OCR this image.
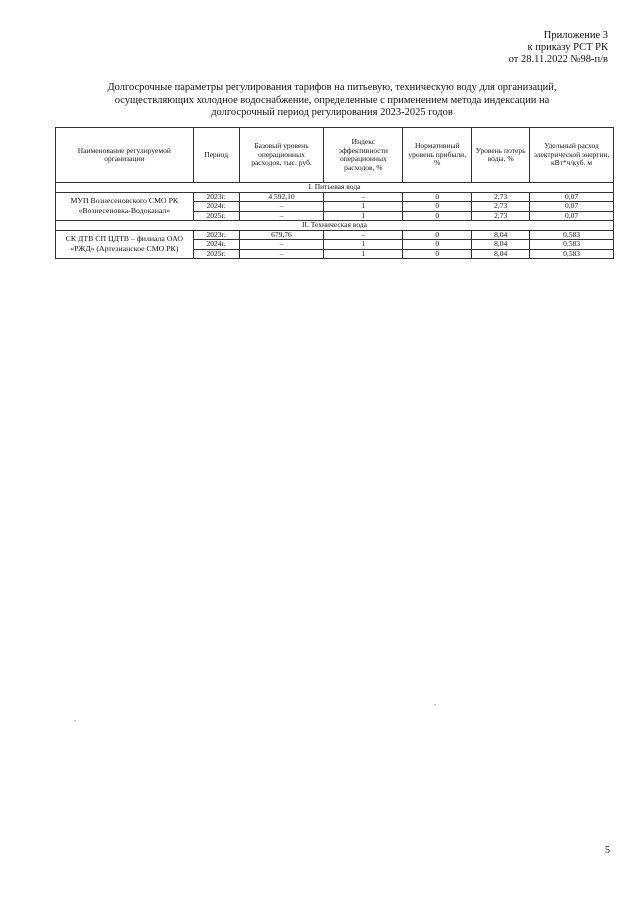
Приложение 3
к приказу РСТ РК
от 28.11.2022 №98-п/в
Долгосрочные параметры регулирования тарифов на питьевую, техническую воду для организаций,
осуществляющих холодное водоснабжение, определенные с применением метода индексации на
долгосрочный период регулирования 2023-2025 годов
Наименование регулируемой организации	Период	Базовый уровень операционных расходов, тыс. руб.	Индекс эффективности операционных расходов, %	Нормативный уровень прибыли, %	Уровень потерь воды, %	Удельный расход электрической энергии, кВт*ч/куб. м
I. Питьевая вода						
МУП Вознесеновского СМО РК «Вознесеновка-Водоканал»	2023г.	4 592,10	–	0	2,73	0,07
	2024г.	–	1	0	2,73	0,07
	2025г.	–	1	0	2,73	0,07
II. Техническая вода						
СК ДТВ СП ЦДТВ – филиала ОАО «РЖД» (Артезианское СМО РК)	2023г.	679,76	–	0	8,04	0,583
	2024г.	–	1	0	8,04	0,583
	2025г.	–	1	0	8,04	0,583
5
